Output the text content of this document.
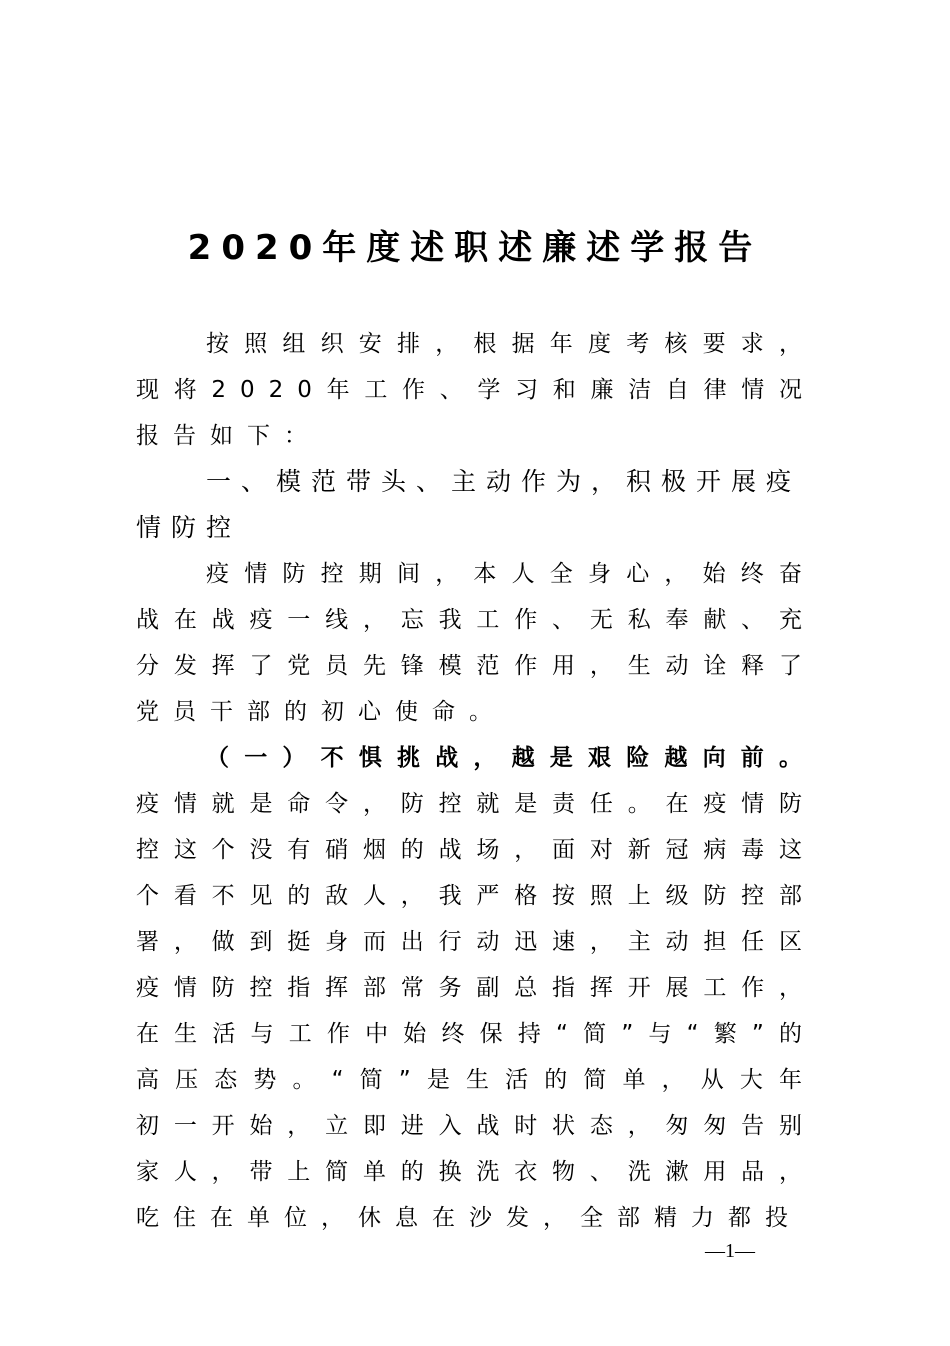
2020年度述职述廉述学报告

按照组织安排，根据年度考核要求，现将2020年工作、学习和廉洁自律情况报告如下：

一、模范带头、主动作为，积极开展疫情防控

疫情防控期间，本人全身心，始终奋战在战疫一线，忘我工作、无私奉献、充分发挥了党员先锋模范作用，生动诠释了党员干部的初心使命。

（一）不惧挑战，越是艰险越向前。疫情就是命令，防控就是责任。在疫情防控这个没有硝烟的战场，面对新冠病毒这个看不见的敌人，我严格按照上级防控部署，做到挺身而出行动迅速，主动担任区疫情防控指挥部常务副总指挥开展工作，在生活与工作中始终保持“简”与“繁”的高压态势。“简”是生活的简单，从大年初一开始，立即进入战时状态，匆匆告别家人，带上简单的换洗衣物、洗漱用品，吃住在单位，休息在沙发，全部精力都投

—1—
